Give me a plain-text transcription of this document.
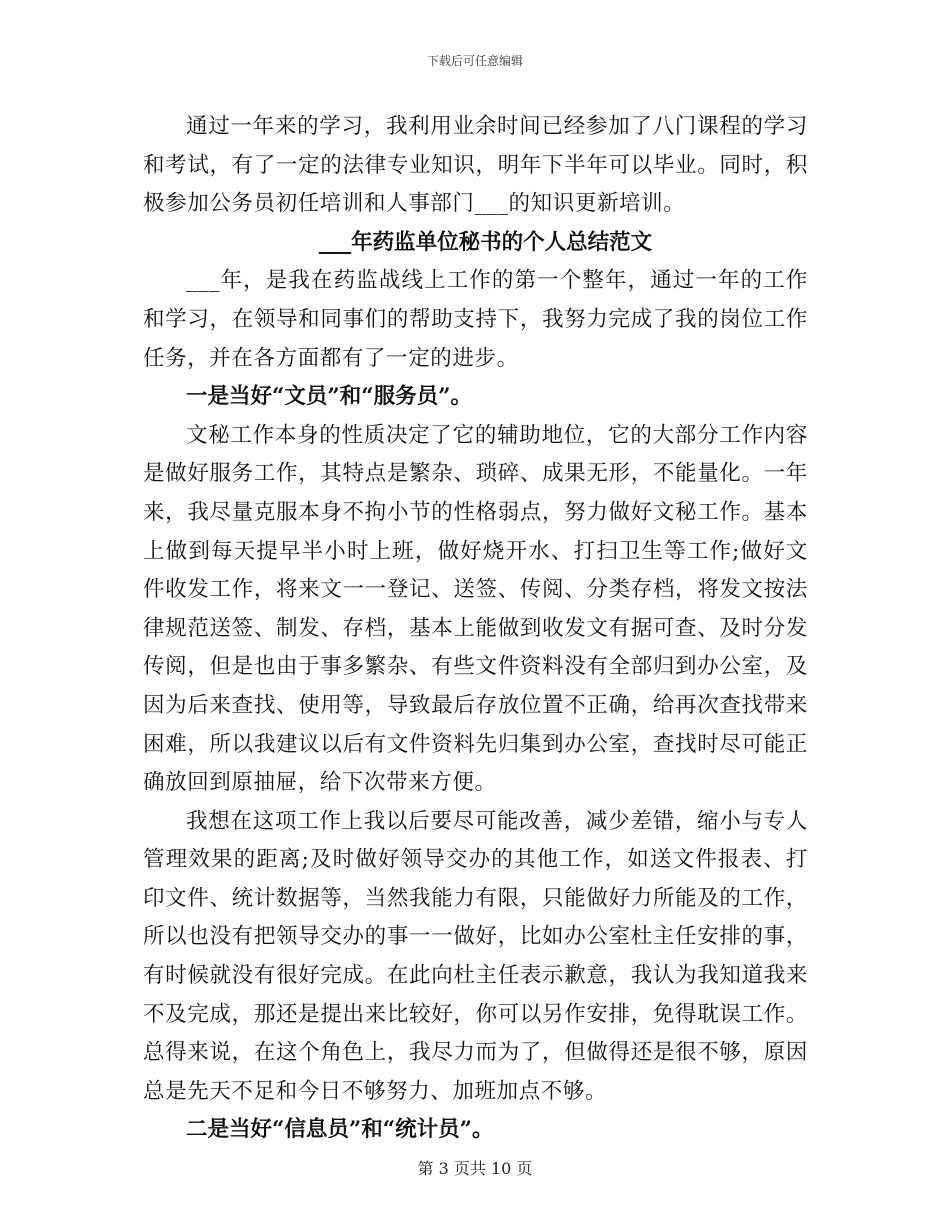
下载后可任意编辑

通过一年来的学习，我利用业余时间已经参加了八门课程的学习和考试，有了一定的法律专业知识，明年下半年可以毕业。同时，积极参加公务员初任培训和人事部门___的知识更新培训。

___年药监单位秘书的个人总结范文

___年，是我在药监战线上工作的第一个整年，通过一年的工作和学习，在领导和同事们的帮助支持下，我努力完成了我的岗位工作任务，并在各方面都有了一定的进步。

一是当好“文员”和“服务员”。

文秘工作本身的性质决定了它的辅助地位，它的大部分工作内容是做好服务工作，其特点是繁杂、琐碎、成果无形，不能量化。一年来，我尽量克服本身不拘小节的性格弱点，努力做好文秘工作。基本上做到每天提早半小时上班，做好烧开水、打扫卫生等工作;做好文件收发工作，将来文一一登记、送签、传阅、分类存档，将发文按法律规范送签、制发、存档，基本上能做到收发文有据可查、及时分发传阅，但是也由于事多繁杂、有些文件资料没有全部归到办公室，及因为后来查找、使用等，导致最后存放位置不正确，给再次查找带来困难，所以我建议以后有文件资料先归集到办公室，查找时尽可能正确放回到原抽屉，给下次带来方便。

我想在这项工作上我以后要尽可能改善，减少差错，缩小与专人管理效果的距离;及时做好领导交办的其他工作，如送文件报表、打印文件、统计数据等，当然我能力有限，只能做好力所能及的工作，所以也没有把领导交办的事一一做好，比如办公室杜主任安排的事，有时候就没有很好完成。在此向杜主任表示歉意，我认为我知道我来不及完成，那还是提出来比较好，你可以另作安排，免得耽误工作。总得来说，在这个角色上，我尽力而为了，但做得还是很不够，原因总是先天不足和今日不够努力、加班加点不够。

二是当好“信息员”和“统计员”。

第 3 页共 10 页
